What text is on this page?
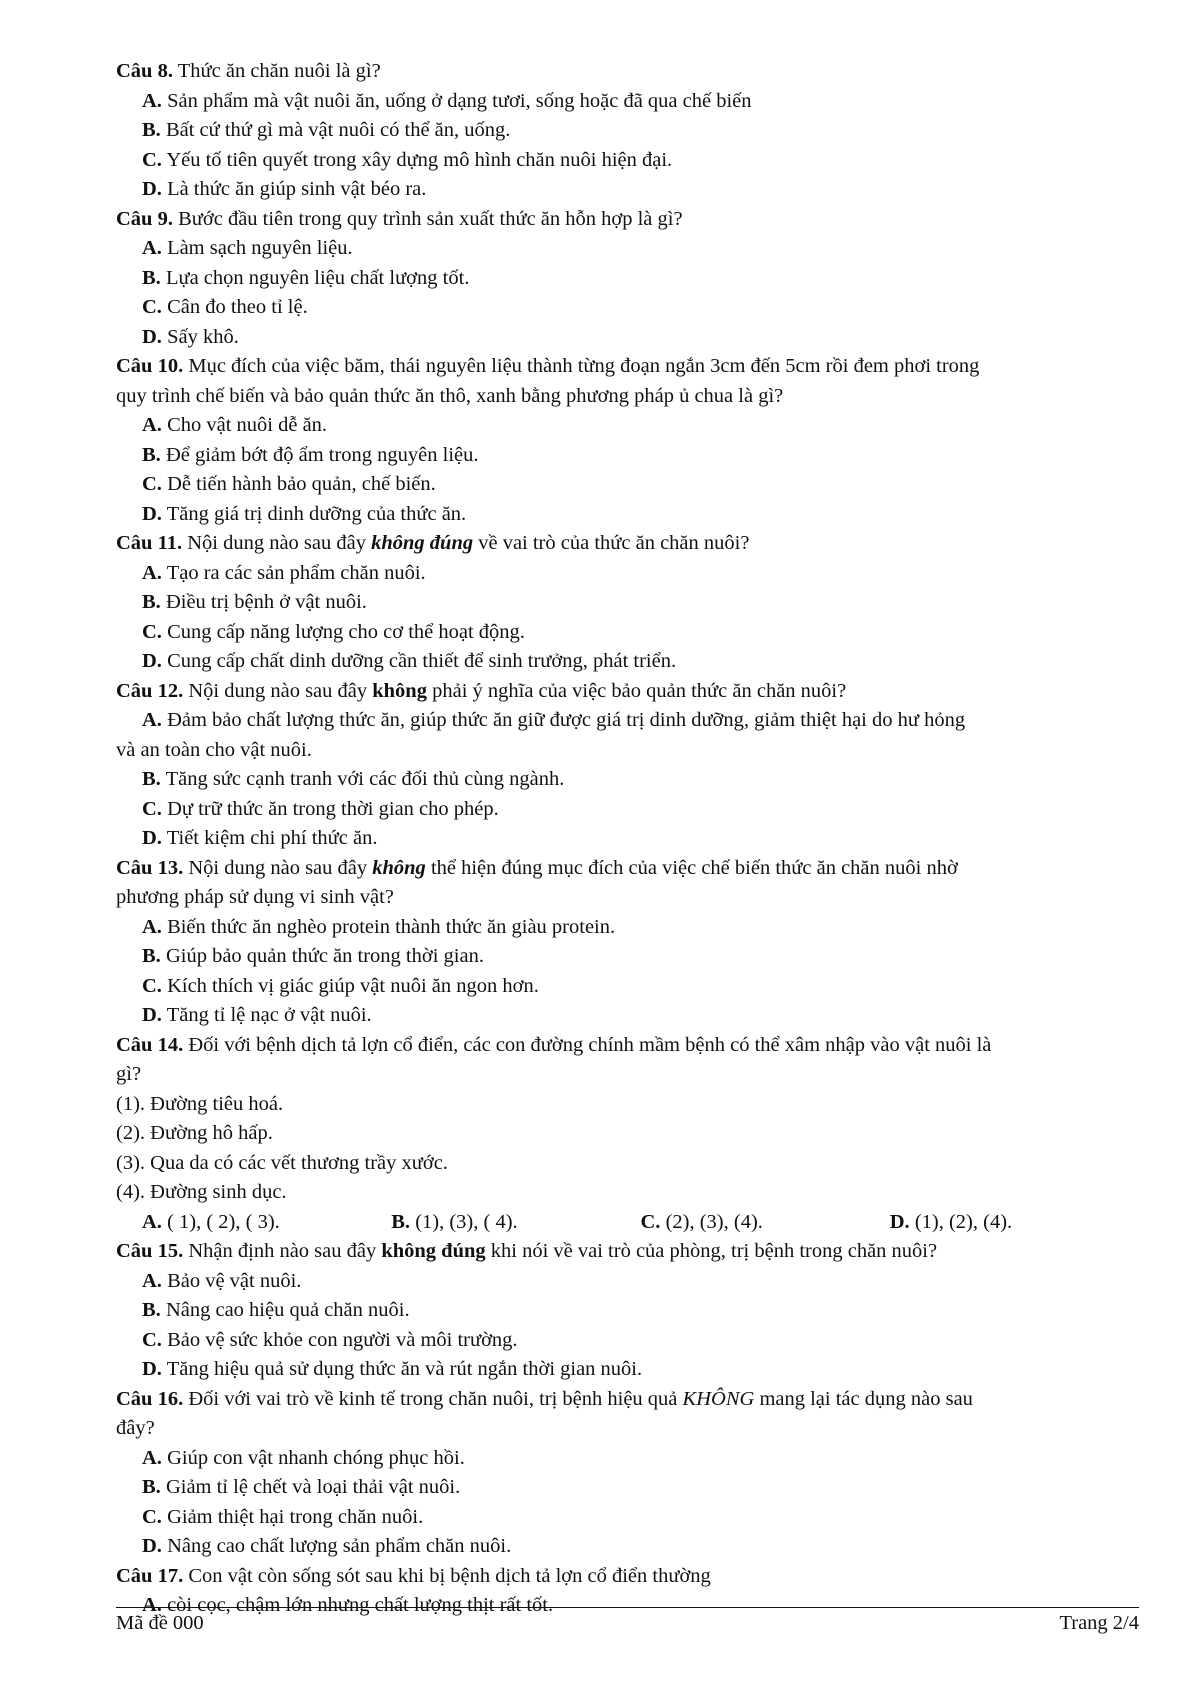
Câu 8. Thức ăn chăn nuôi là gì?
A. Sản phẩm mà vật nuôi ăn, uống ở dạng tươi, sống hoặc đã qua chế biến
B. Bất cứ thứ gì mà vật nuôi có thể ăn, uống.
C. Yếu tố tiên quyết trong xây dựng mô hình chăn nuôi hiện đại.
D. Là thức ăn giúp sinh vật béo ra.
Câu 9. Bước đầu tiên trong quy trình sản xuất thức ăn hỗn hợp là gì?
A. Làm sạch nguyên liệu.
B. Lựa chọn nguyên liệu chất lượng tốt.
C. Cân đo theo tỉ lệ.
D. Sấy khô.
Câu 10. Mục đích của việc băm, thái nguyên liệu thành từng đoạn ngắn 3cm đến 5cm rồi đem phơi trong
quy trình chế biến và bảo quản thức ăn thô, xanh bằng phương pháp ủ chua là gì?
A. Cho vật nuôi dễ ăn.
B. Để giảm bớt độ ẩm trong nguyên liệu.
C. Dễ tiến hành bảo quản, chế biến.
D. Tăng giá trị dinh dưỡng của thức ăn.
Câu 11. Nội dung nào sau đây không đúng về vai trò của thức ăn chăn nuôi?
A. Tạo ra các sản phẩm chăn nuôi.
B. Điều trị bệnh ở vật nuôi.
C. Cung cấp năng lượng cho cơ thể hoạt động.
D. Cung cấp chất dinh dưỡng cần thiết để sinh trưởng, phát triển.
Câu 12. Nội dung nào sau đây không phải ý nghĩa của việc bảo quản thức ăn chăn nuôi?
A. Đảm bảo chất lượng thức ăn, giúp thức ăn giữ được giá trị dinh dưỡng, giảm thiệt hại do hư hỏng
và an toàn cho vật nuôi.
B. Tăng sức cạnh tranh với các đối thủ cùng ngành.
C. Dự trữ thức ăn trong thời gian cho phép.
D. Tiết kiệm chi phí thức ăn.
Câu 13. Nội dung nào sau đây không thể hiện đúng mục đích của việc chế biến thức ăn chăn nuôi nhờ
phương pháp sử dụng vi sinh vật?
A. Biến thức ăn nghèo protein thành thức ăn giàu protein.
B. Giúp bảo quản thức ăn trong thời gian.
C. Kích thích vị giác giúp vật nuôi ăn ngon hơn.
D. Tăng tỉ lệ nạc ở vật nuôi.
Câu 14. Đối với bệnh dịch tả lợn cổ điển, các con đường chính mầm bệnh có thể xâm nhập vào vật nuôi là
gì?
(1). Đường tiêu hoá.
(2). Đường hô hấp.
(3). Qua da có các vết thương trầy xước.
(4). Đường sinh dục.
A. ( 1), ( 2), ( 3).	B. (1), (3), ( 4).	C. (2), (3), (4).	D. (1), (2), (4).
Câu 15. Nhận định nào sau đây không đúng khi nói về vai trò của phòng, trị bệnh trong chăn nuôi?
A. Bảo vệ vật nuôi.
B. Nâng cao hiệu quả chăn nuôi.
C. Bảo vệ sức khỏe con người và môi trường.
D. Tăng hiệu quả sử dụng thức ăn và rút ngắn thời gian nuôi.
Câu 16. Đối với vai trò về kinh tế trong chăn nuôi, trị bệnh hiệu quả KHÔNG mang lại tác dụng nào sau
đây?
A. Giúp con vật nhanh chóng phục hồi.
B. Giảm tỉ lệ chết và loại thải vật nuôi.
C. Giảm thiệt hại trong chăn nuôi.
D. Nâng cao chất lượng sản phẩm chăn nuôi.
Câu 17. Con vật còn sống sót sau khi bị bệnh dịch tả lợn cổ điển thường
A. còi cọc, chậm lớn nhưng chất lượng thịt rất tốt.
Mã đề 000	Trang 2/4
